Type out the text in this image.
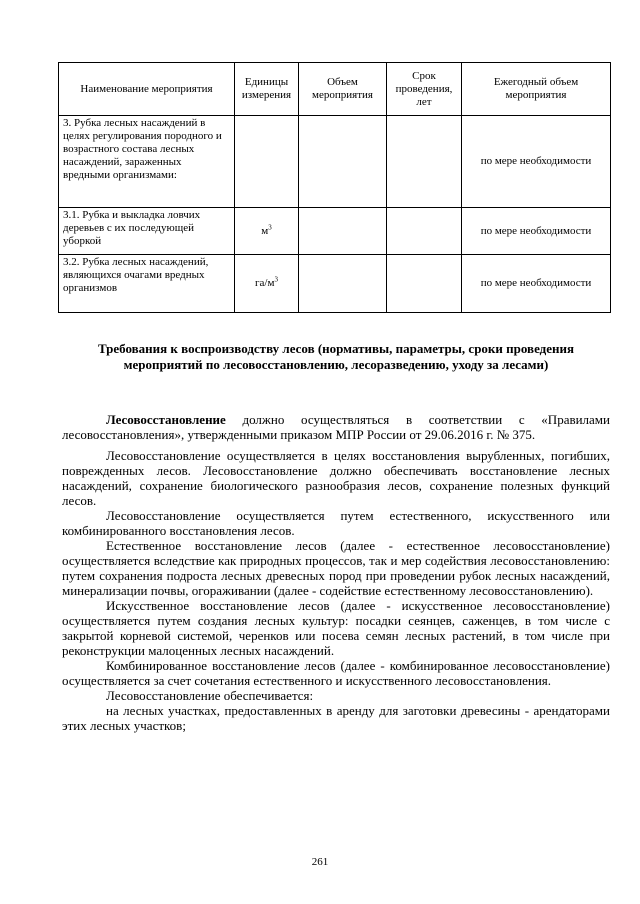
Наименование мероприятия	Единицы измерения	Объем мероприятия	Срок проведения, лет	Ежегодный объем мероприятия
3. Рубка лесных насаждений в целях регулирования породного и возрастного состава лесных насаждений, зараженных вредными организмами:				по мере необходимости
3.1. Рубка и выкладка ловчих деревьев с их последующей уборкой	$м^3$			по мере необходимости
3.2. Рубка лесных насаждений, являющихся очагами вредных организмов	$га/м^3$			по мере необходимости
Требования к воспроизводству лесов (нормативы, параметры, сроки проведения мероприятий по лесовосстановлению, лесоразведению, уходу за лесами)

Лесовосстановление должно осуществляться в соответствии с «Правилами лесовосстановления», утвержденными приказом МПР России от 29.06.2016 г. № 375.

Лесовосстановление осуществляется в целях восстановления вырубленных, погибших, поврежденных лесов. Лесовосстановление должно обеспечивать восстановление лесных насаждений, сохранение биологического разнообразия лесов, сохранение полезных функций лесов.

Лесовосстановление осуществляется путем естественного, искусственного или комбинированного восстановления лесов.

Естественное восстановление лесов (далее - естественное лесовосстановление) осуществляется вследствие как природных процессов, так и мер содействия лесовосстановлению: путем сохранения подроста лесных древесных пород при проведении рубок лесных насаждений, минерализации почвы, огораживании (далее - содействие естественному лесовосстановлению).

Искусственное восстановление лесов (далее - искусственное лесовосстановление) осуществляется путем создания лесных культур: посадки сеянцев, саженцев, в том числе с закрытой корневой системой, черенков или посева семян лесных растений, в том числе при реконструкции малоценных лесных насаждений.

Комбинированное восстановление лесов (далее - комбинированное лесовосстановление) осуществляется за счет сочетания естественного и искусственного лесовосстановления.

Лесовосстановление обеспечивается:

на лесных участках, предоставленных в аренду для заготовки древесины - арендаторами этих лесных участков;

261
